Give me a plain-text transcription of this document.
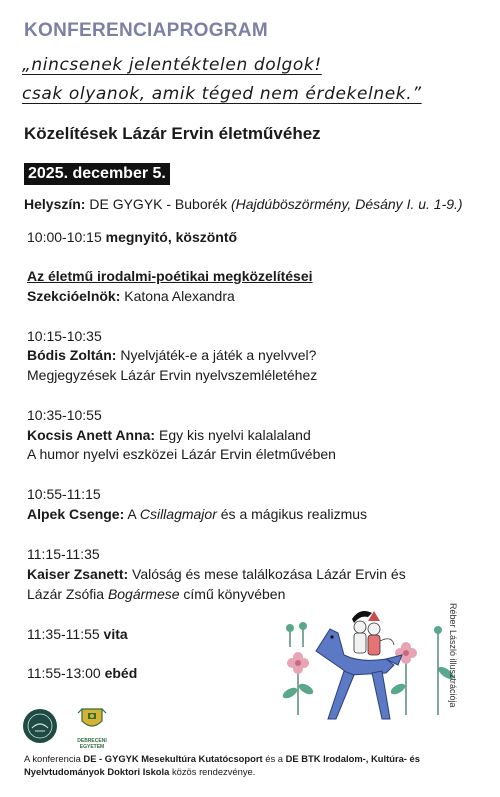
KONFERENCIAPROGRAM
„nincsenek jelentéktelen dolgok!
csak olyanok, amik téged nem érdekelnek.”
Közelítések Lázár Ervin életművéhez
2025. december 5.
Helyszín: DE GYGYK - Buborék (Hajdúböszörmény, Désány I. u. 1-9.)
10:00-10:15 megnyitó, köszöntő
Az életmű irodalmi-poétikai megközelítései
Szekcióelnök: Katona Alexandra
10:15-10:35
Bódis Zoltán: Nyelvjáték-e a játék a nyelvvel?
Megjegyzések Lázár Ervin nyelvszemléletéhez
10:35-10:55
Kocsis Anett Anna: Egy kis nyelvi kalalaland
A humor nyelvi eszközei Lázár Ervin életművében
10:55-11:15
Alpek Csenge: A Csillagmajor és a mágikus realizmus
11:15-11:35
Kaiser Zsanett: Valóság és mese találkozása Lázár Ervin és
Lázár Zsófia Bogármese című könyvében
11:35-11:55 vita
11:55-13:00 ebéd	Réber László illusztrációja
DEBRECENI EGYETEM
A konferencia DE - GYGYK Mesekultúra Kutatócsoport és a DE BTK Irodalom-, Kultúra- és Nyelvtudományok Doktori Iskola közös rendezvénye.
